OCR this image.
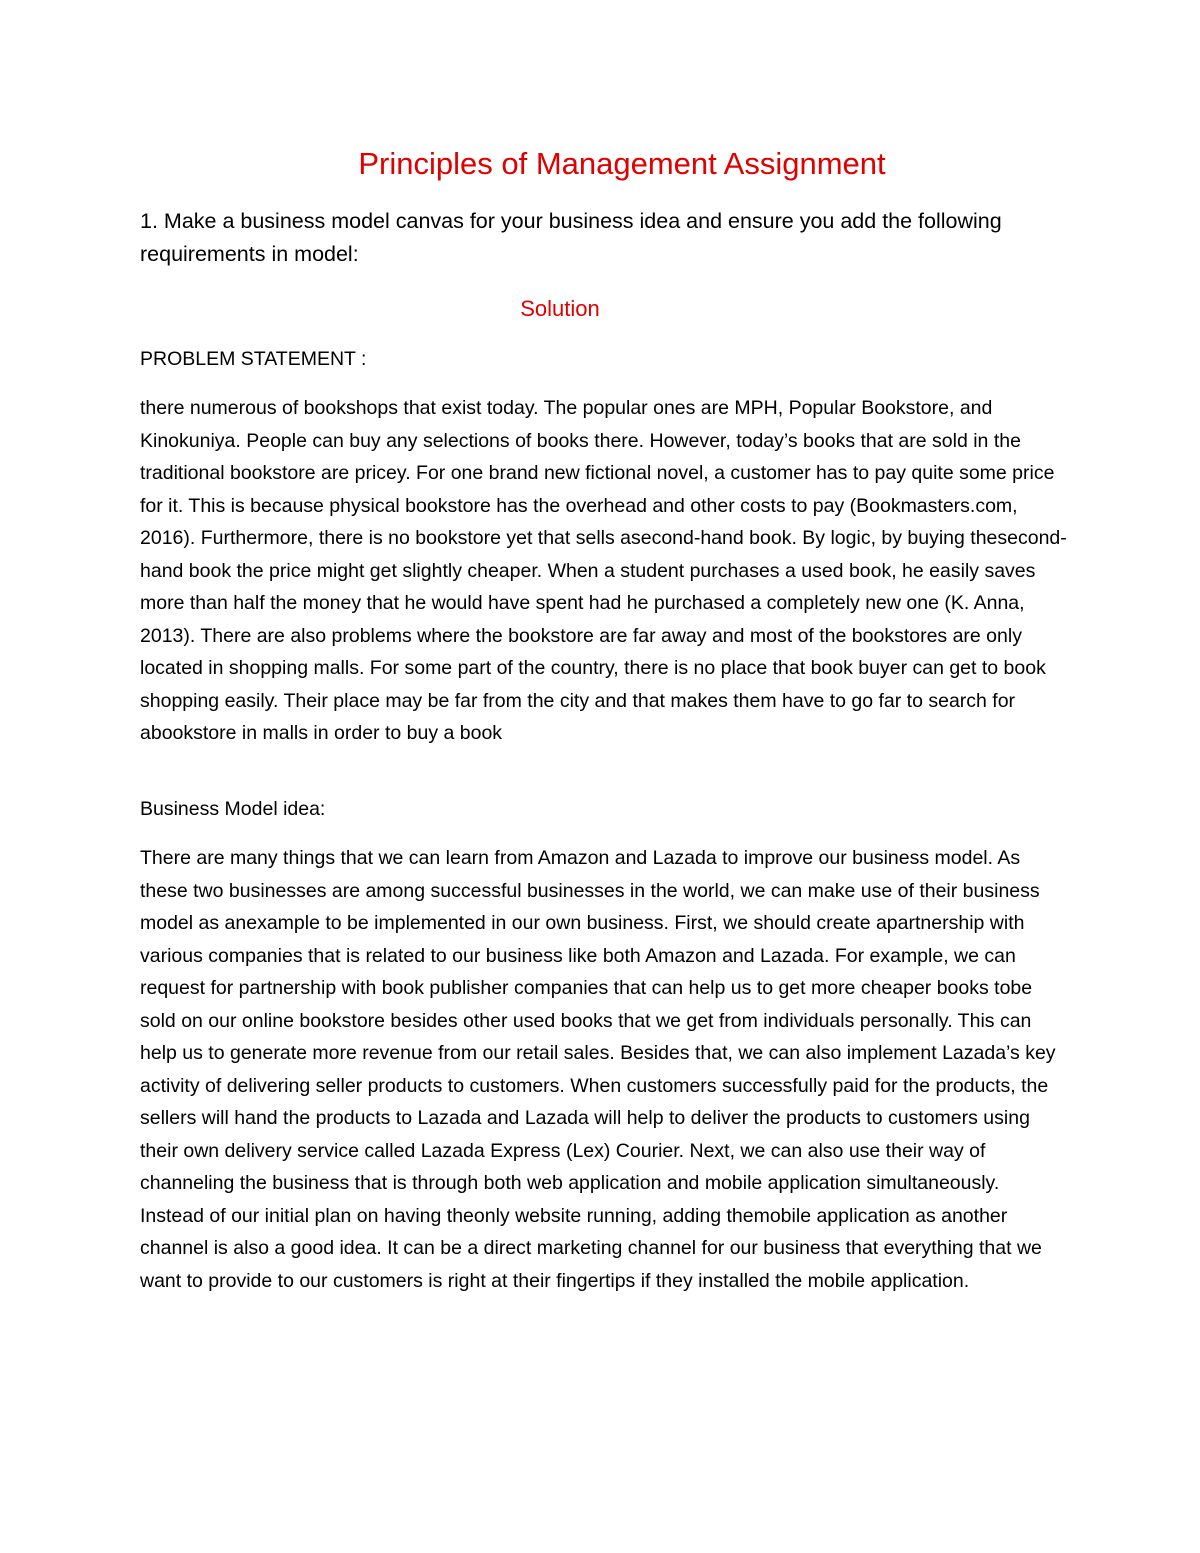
Principles of Management Assignment

1. Make a business model canvas for your business idea and ensure you add the following requirements in model:

Solution

PROBLEM STATEMENT :

there numerous of bookshops that exist today. The popular ones are MPH, Popular Bookstore, and Kinokuniya. People can buy any selections of books there. However, today’s books that are sold in the traditional bookstore are pricey. For one brand new fictional novel, a customer has to pay quite some price for it. This is because physical bookstore has the overhead and other costs to pay (Bookmasters.com, 2016). Furthermore, there is no bookstore yet that sells asecond-hand book. By logic, by buying thesecond-hand book the price might get slightly cheaper. When a student purchases a used book, he easily saves more than half the money that he would have spent had he purchased a completely new one (K. Anna, 2013). There are also problems where the bookstore are far away and most of the bookstores are only located in shopping malls. For some part of the country, there is no place that book buyer can get to book shopping easily. Their place may be far from the city and that makes them have to go far to search for abookstore in malls in order to buy a book

Business Model idea:

There are many things that we can learn from Amazon and Lazada to improve our business model. As these two businesses are among successful businesses in the world, we can make use of their business model as anexample to be implemented in our own business. First, we should create apartnership with various companies that is related to our business like both Amazon and Lazada. For example, we can request for partnership with book publisher companies that can help us to get more cheaper books tobe sold on our online bookstore besides other used books that we get from individuals personally. This can help us to generate more revenue from our retail sales. Besides that, we can also implement Lazada’s key activity of delivering seller products to customers. When customers successfully paid for the products, the sellers will hand the products to Lazada and Lazada will help to deliver the products to customers using their own delivery service called Lazada Express (Lex) Courier. Next, we can also use their way of channeling the business that is through both web application and mobile application simultaneously. Instead of our initial plan on having theonly website running, adding themobile application as another channel is also a good idea. It can be a direct marketing channel for our business that everything that we want to provide to our customers is right at their fingertips if they installed the mobile application.
